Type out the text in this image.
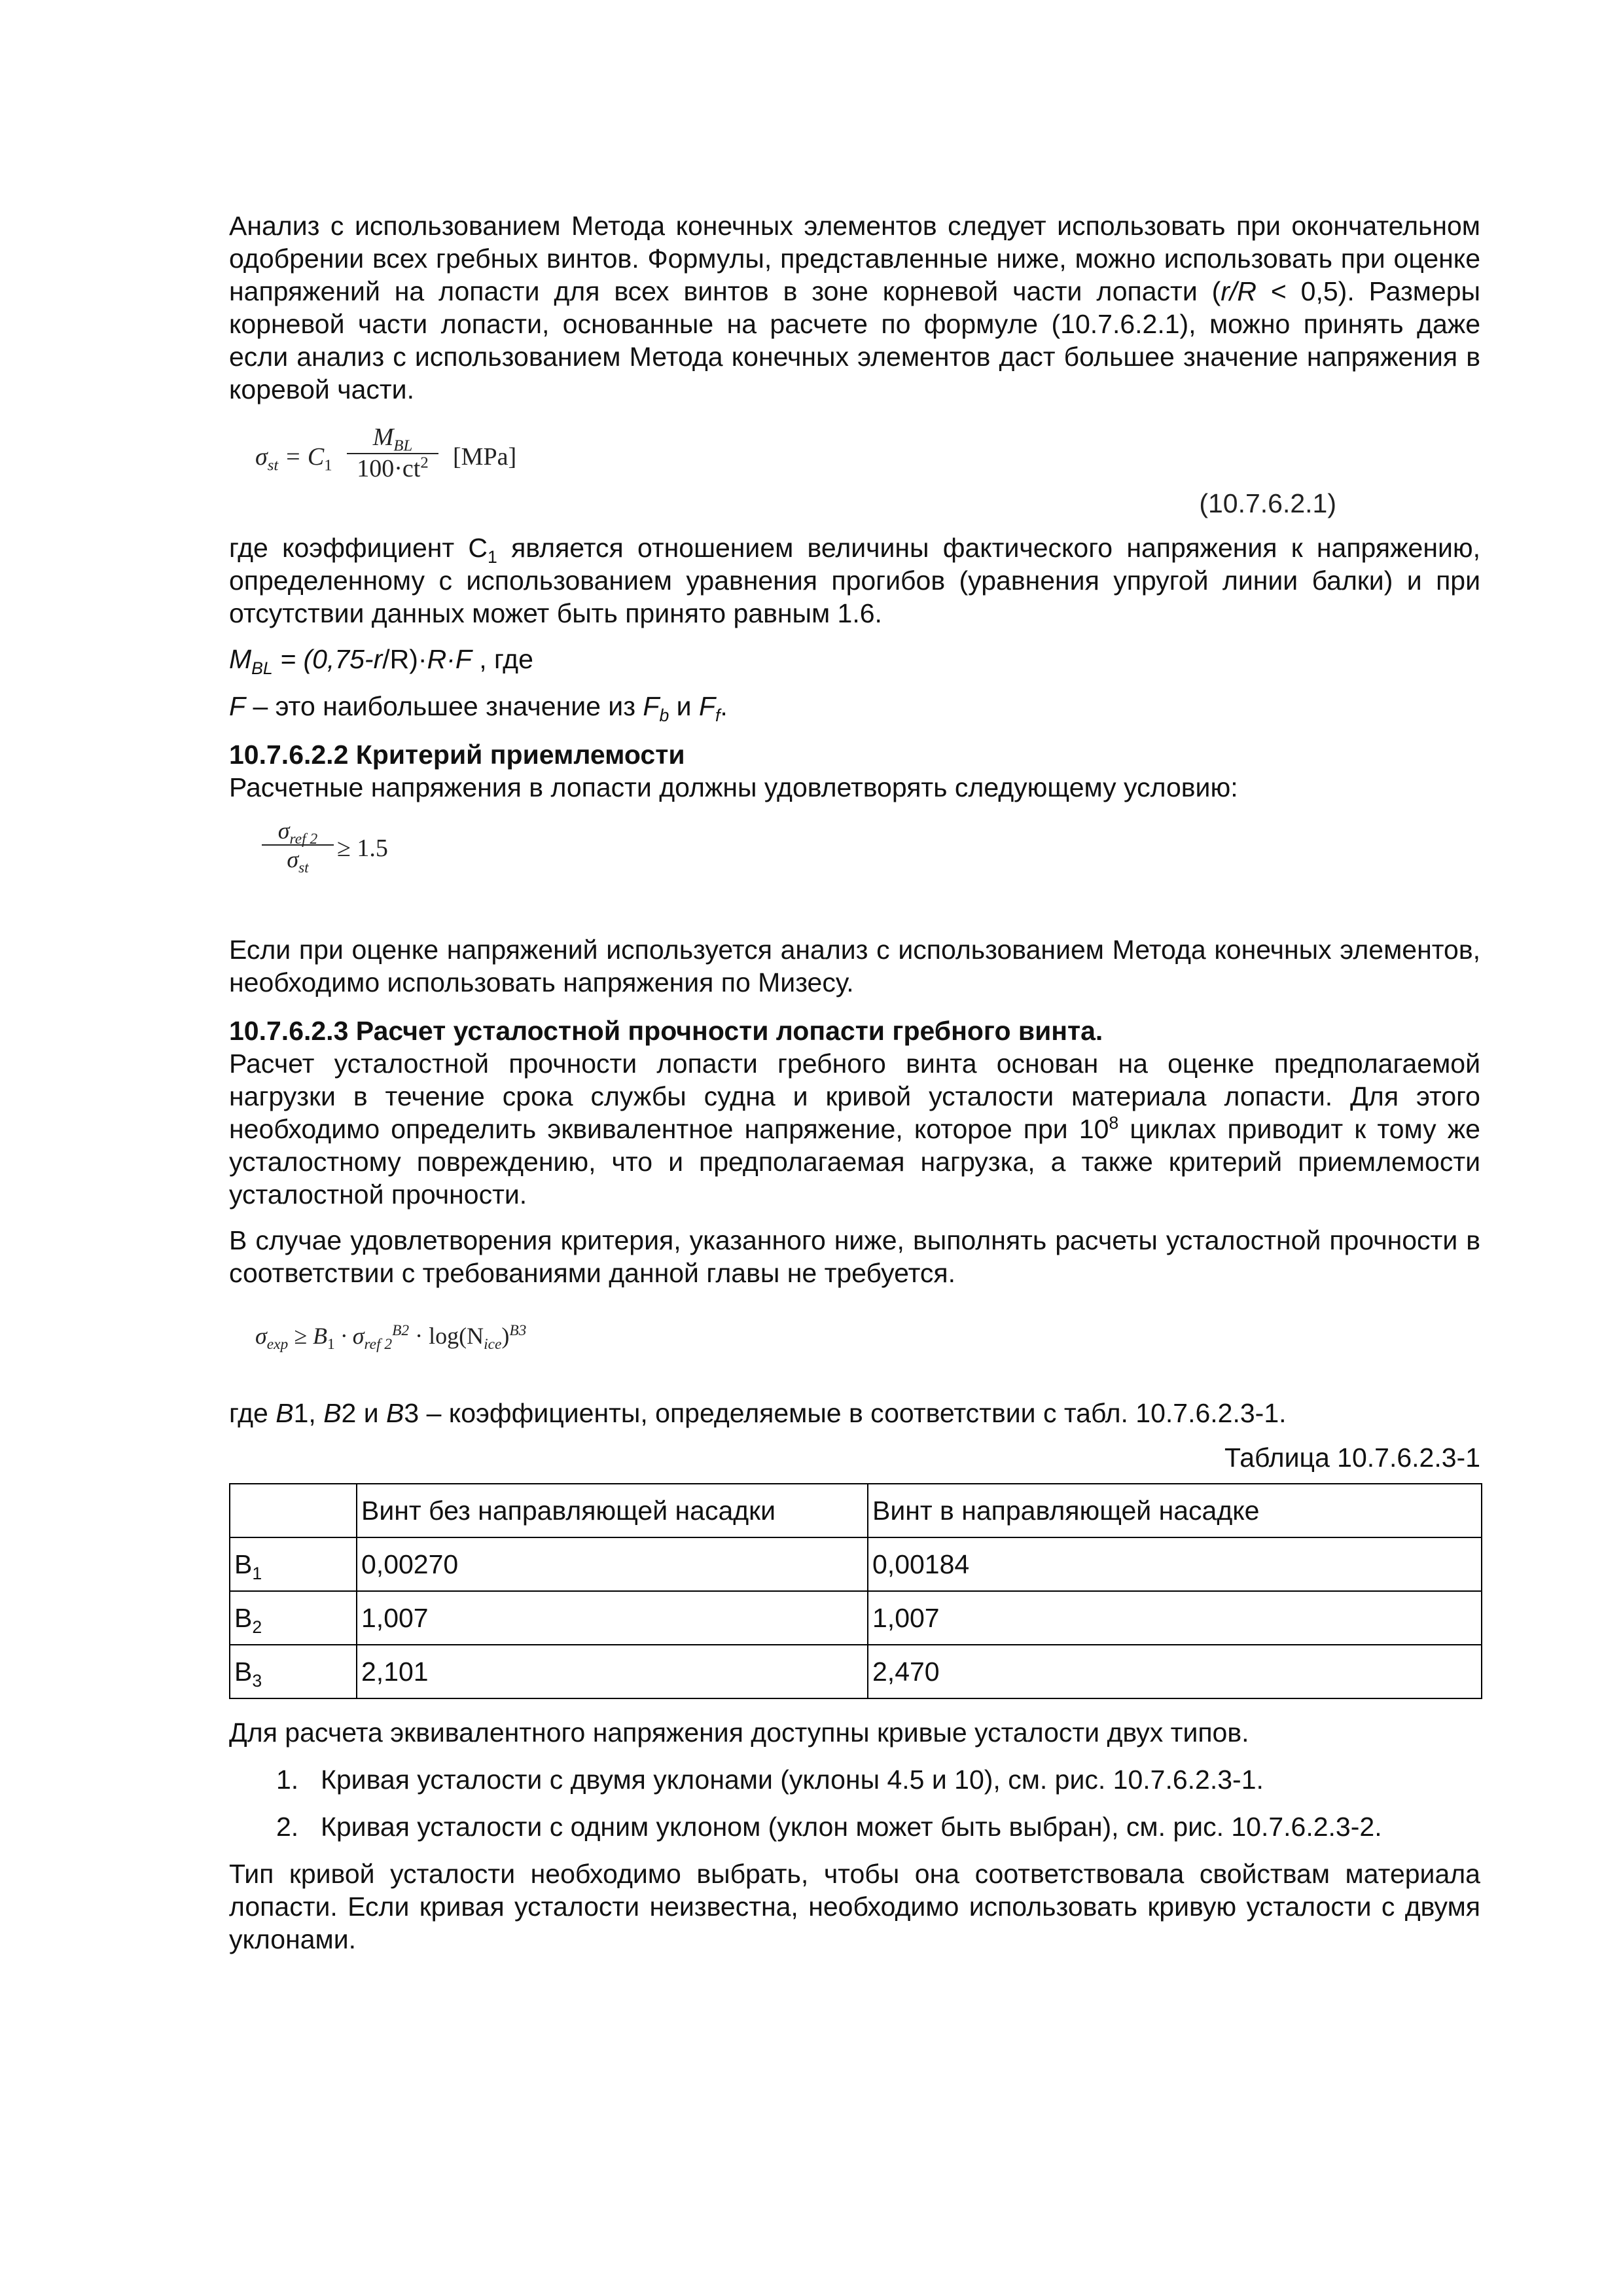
Анализ с использованием Метода конечных элементов следует использовать при окончательном одобрении всех гребных винтов. Формулы, представленные ниже, можно использовать при оценке напряжений на лопасти для всех винтов в зоне корневой части лопасти (r/R < 0,5). Размеры корневой части лопасти, основанные на расчете по формуле (10.7.6.2.1), можно принять даже если анализ с использованием Метода конечных элементов даст большее значение напряжения в коревой части.

$\sigma_{st} = C_1$
$M_{BL}$
$100\cdot ct^2$ [MPa]
(10.7.6.2.1)

где коэффициент $C_1$ является отношением величины фактического напряжения к напряжению, определенному с использованием уравнения прогибов (уравнения упругой линии балки) и при отсутствии данных может быть принято равным 1.6.

$M_{BL} = (0,75-r/R)\cdot R\cdot F$ , где

F – это наибольшее значение из $F_b$ и $F_f$.

10.7.6.2.2 Критерий приемлемости

Расчетные напряжения в лопасти должны удовлетворять следующему условию:

$\sigma_{ref 2}$
$\sigma_{st}$
≥ 1.5

Если при оценке напряжений используется анализ с использованием Метода конечных элементов, необходимо использовать напряжения по Мизесу.

10.7.6.2.3 Расчет усталостной прочности лопасти гребного винта.

Расчет усталостной прочности лопасти гребного винта основан на оценке предполагаемой нагрузки в течение срока службы судна и кривой усталости материала лопасти. Для этого необходимо определить эквивалентное напряжение, которое при $10^8$ циклах приводит к тому же усталостному повреждению, что и предполагаемая нагрузка, а также критерий приемлемости усталостной прочности.

В случае удовлетворения критерия, указанного ниже, выполнять расчеты усталостной прочности в соответствии с требованиями данной главы не требуется.

$\sigma_{exp} \ge B_1 \cdot \sigma_{ref 2}^{B2} \cdot \log(N_{ice})^{B3}$

где B1, B2 и B3 – коэффициенты, определяемые в соответствии с табл. 10.7.6.2.3-1.

Таблица 10.7.6.2.3-1

	Винт без направляющей насадки	Винт в направляющей насадке
$B_1$	0,00270	0,00184
$B_2$	1,007	1,007
$B_3$	2,101	2,470

Для расчета эквивалентного напряжения доступны кривые усталости двух типов.

1. Кривая усталости с двумя уклонами (уклоны 4.5 и 10), см. рис. 10.7.6.2.3-1.
2. Кривая усталости с одним уклоном (уклон может быть выбран), см. рис. 10.7.6.2.3-2.

Тип кривой усталости необходимо выбрать, чтобы она соответствовала свойствам материала лопасти. Если кривая усталости неизвестна, необходимо использовать кривую усталости с двумя уклонами.
